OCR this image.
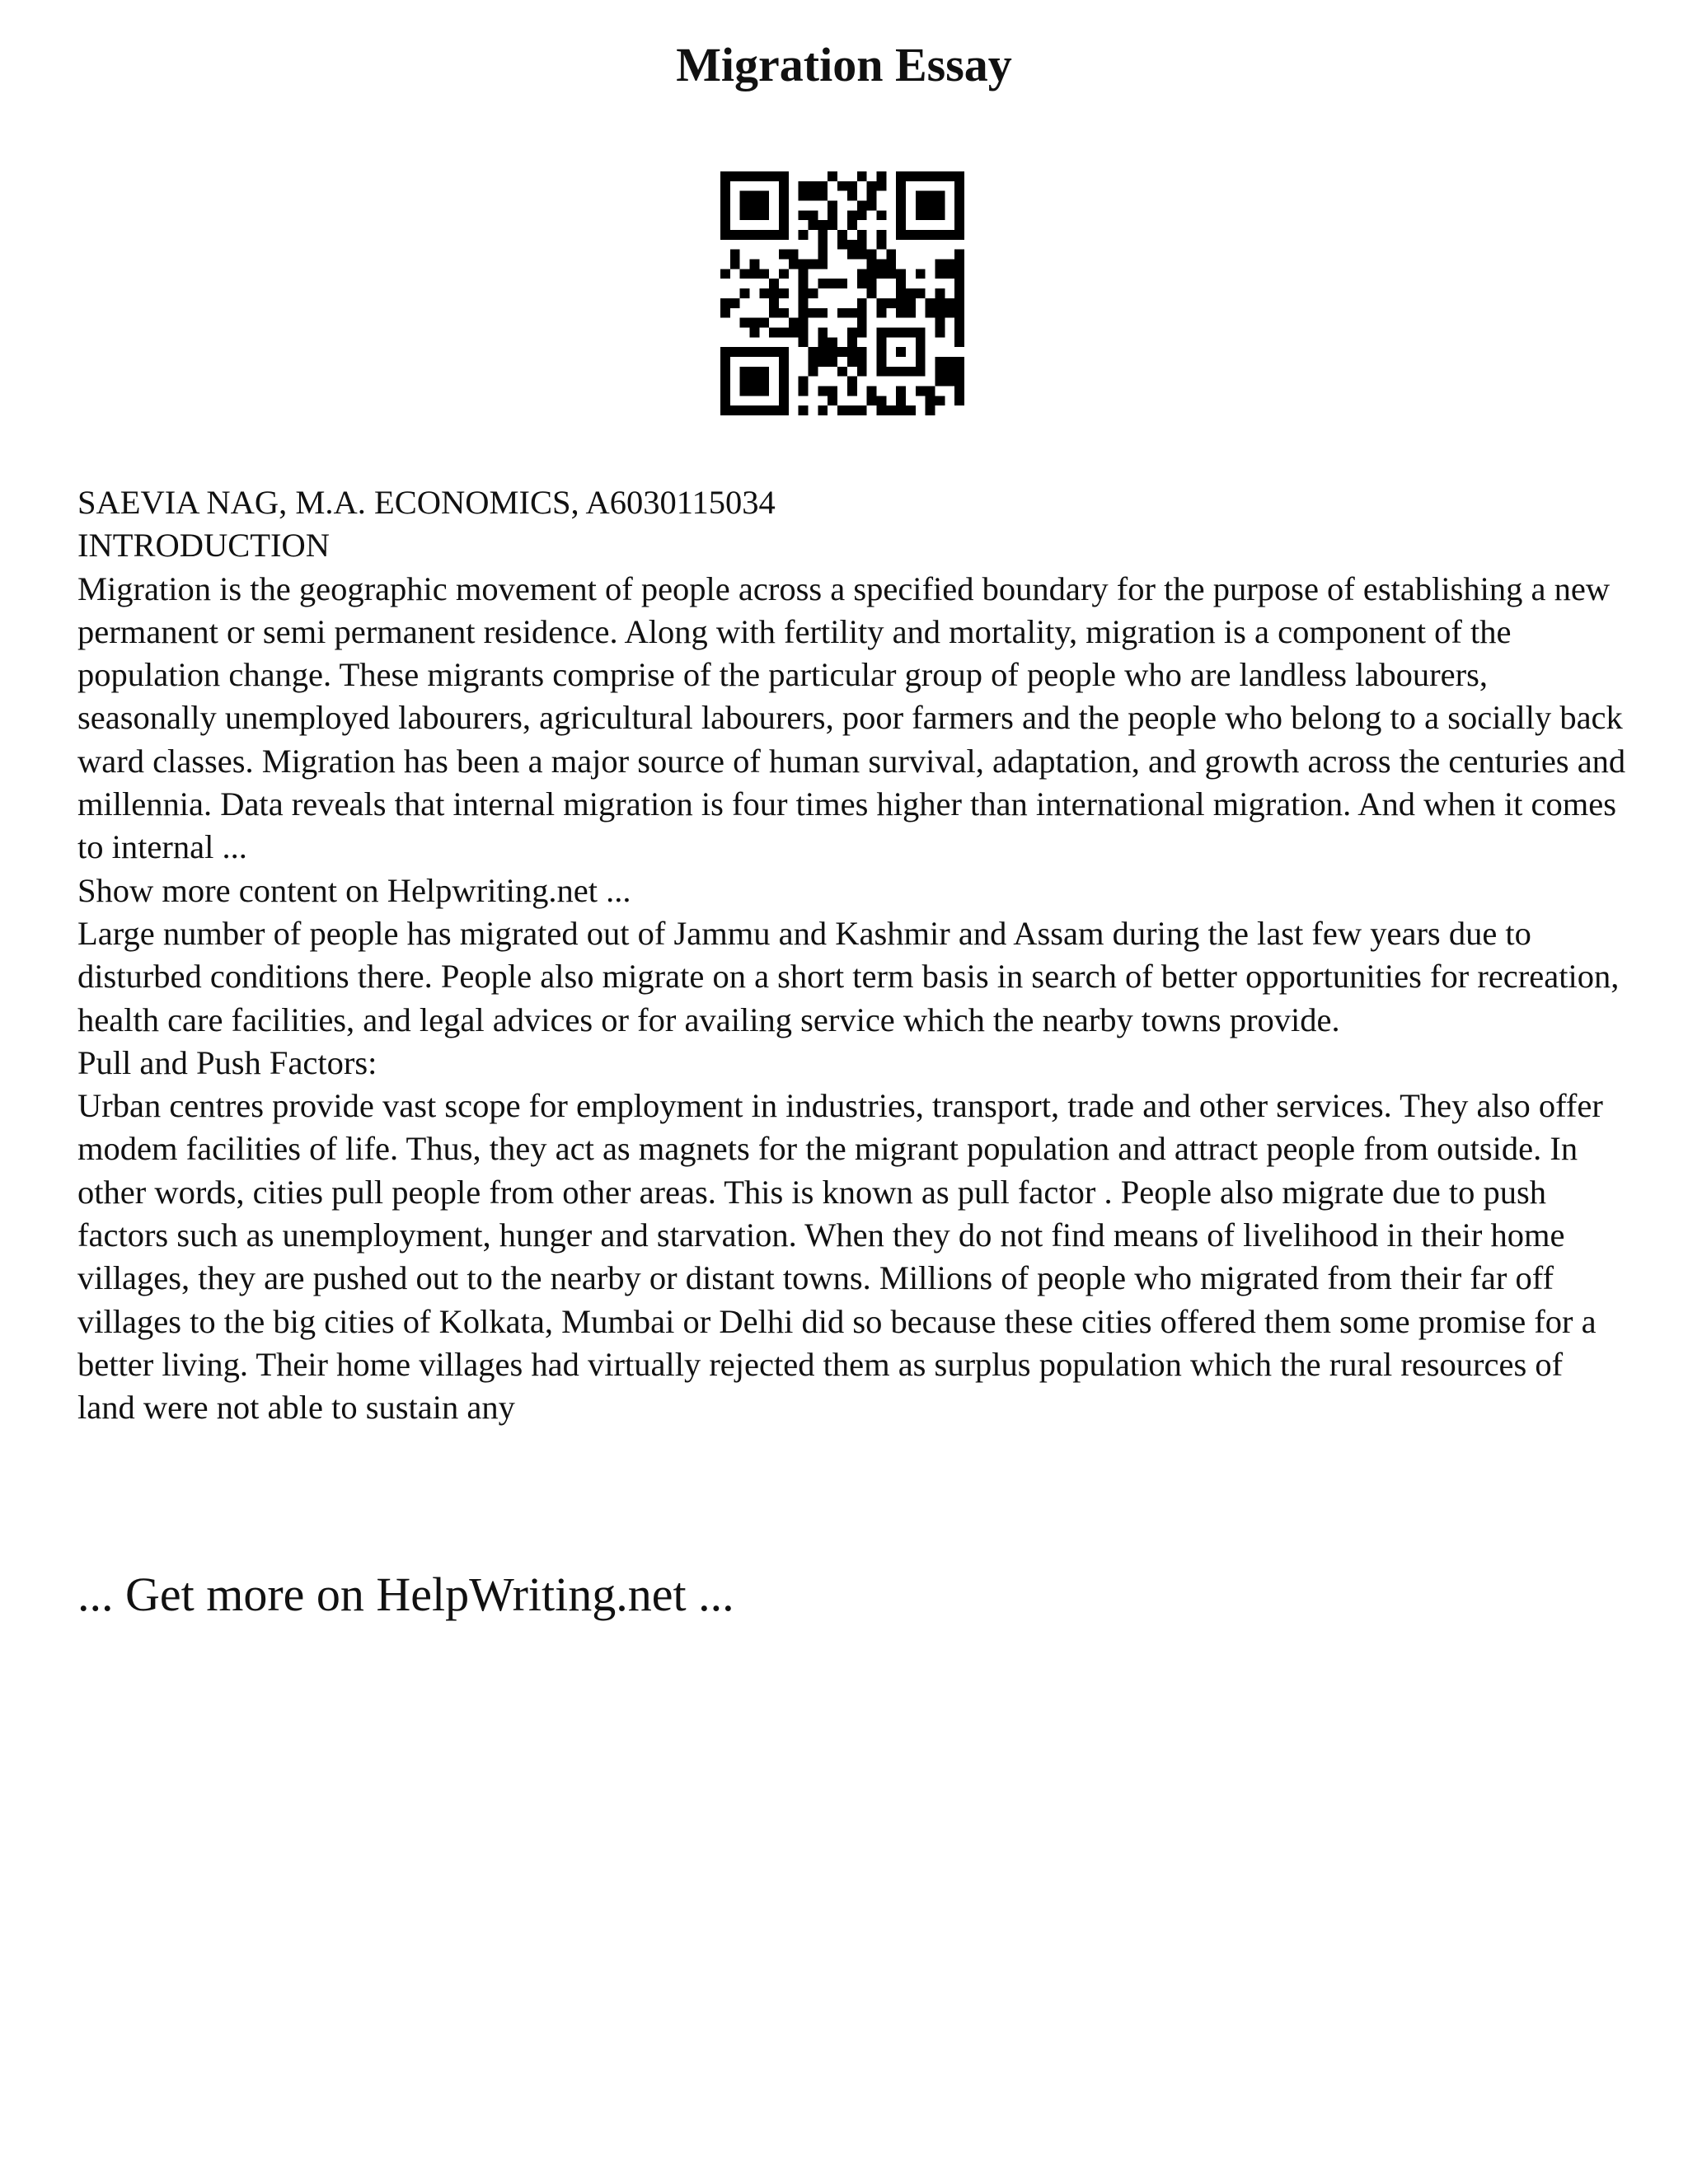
Migration Essay
SAEVIA NAG, M.A. ECONOMICS, A6030115034
INTRODUCTION
Migration is the geographic movement of people across a specified boundary for the purpose of establishing a new permanent or semi permanent residence. Along with fertility and mortality, migration is a component of the population change. These migrants comprise of the particular group of people who are landless labourers, seasonally unemployed labourers, agricultural labourers, poor farmers and the people who belong to a socially back ward classes. Migration has been a major source of human survival, adaptation, and growth across the centuries and millennia. Data reveals that internal migration is four times higher than international migration. And when it comes to internal ...
Show more content on Helpwriting.net ...
Large number of people has migrated out of Jammu and Kashmir and Assam during the last few years due to disturbed conditions there. People also migrate on a short term basis in search of better opportunities for recreation, health care facilities, and legal advices or for availing service which the nearby towns provide.
Pull and Push Factors:
Urban centres provide vast scope for employment in industries, transport, trade and other services. They also offer modem facilities of life. Thus, they act as magnets for the migrant population and attract people from outside. In other words, cities pull people from other areas. This is known as pull factor . People also migrate due to push factors such as unemployment, hunger and starvation. When they do not find means of livelihood in their home villages, they are pushed out to the nearby or distant towns. Millions of people who migrated from their far off villages to the big cities of Kolkata, Mumbai or Delhi did so because these cities offered them some promise for a better living. Their home villages had virtually rejected them as surplus population which the rural resources of land were not able to sustain any
... Get more on HelpWriting.net ...
